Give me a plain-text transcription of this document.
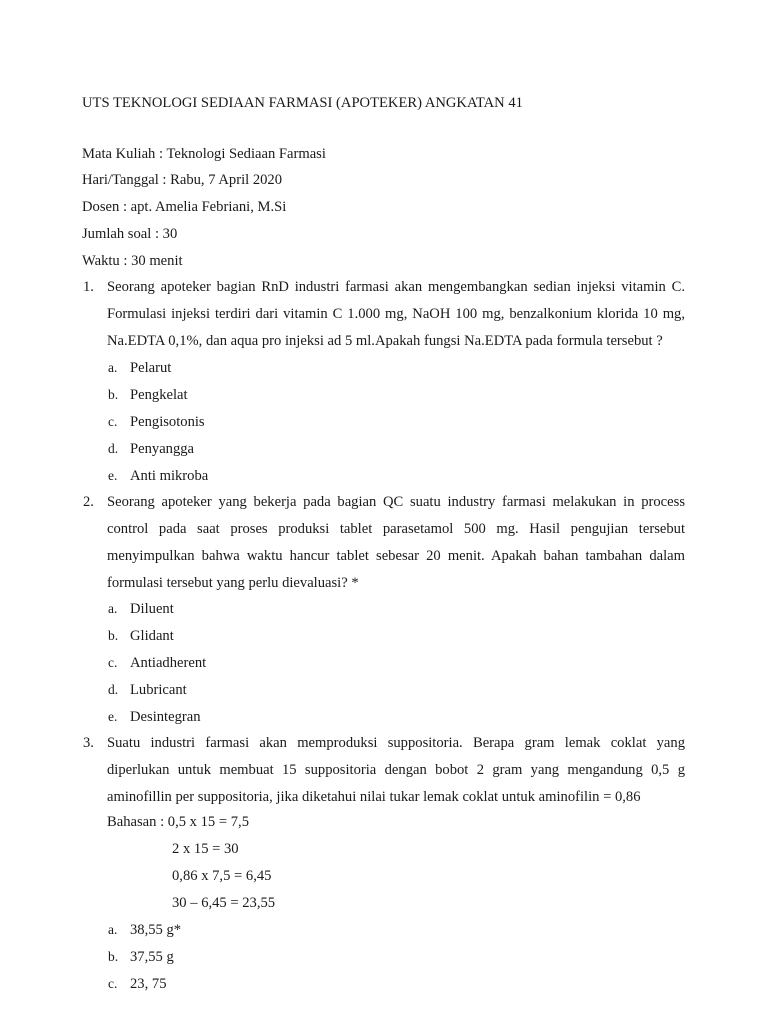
UTS TEKNOLOGI SEDIAAN FARMASI (APOTEKER) ANGKATAN 41
Mata Kuliah : Teknologi Sediaan Farmasi
Hari/Tanggal : Rabu, 7 April 2020
Dosen : apt. Amelia Febriani, M.Si
Jumlah soal : 30
Waktu : 30 menit
1. Seorang apoteker bagian RnD industri farmasi akan mengembangkan sedian injeksi vitamin C.
Formulasi injeksi terdiri dari vitamin C 1.000 mg, NaOH 100 mg, benzalkonium klorida 10 mg,
Na.EDTA 0,1%, dan aqua pro injeksi ad 5 ml.Apakah fungsi Na.EDTA pada formula tersebut ?
a. Pelarut
b. Pengkelat
c. Pengisotonis
d. Penyangga
e. Anti mikroba
2. Seorang apoteker yang bekerja pada bagian QC suatu industry farmasi melakukan in process
control pada saat proses produksi tablet parasetamol 500 mg. Hasil pengujian tersebut
menyimpulkan bahwa waktu hancur tablet sebesar 20 menit. Apakah bahan tambahan dalam
formulasi tersebut yang perlu dievaluasi? *
a. Diluent
b. Glidant
c. Antiadherent
d. Lubricant
e. Desintegran
3. Suatu industri farmasi akan memproduksi suppositoria. Berapa gram lemak coklat yang
diperlukan untuk membuat 15 suppositoria dengan bobot 2 gram yang mengandung 0,5 g
aminofillin per suppositoria, jika diketahui nilai tukar lemak coklat untuk aminofilin = 0,86
Bahasan : 0,5 x 15 = 7,5
2 x 15 = 30
0,86 x 7,5 = 6,45
30 – 6,45 = 23,55
a. 38,55 g*
b. 37,55 g
c. 23, 75
